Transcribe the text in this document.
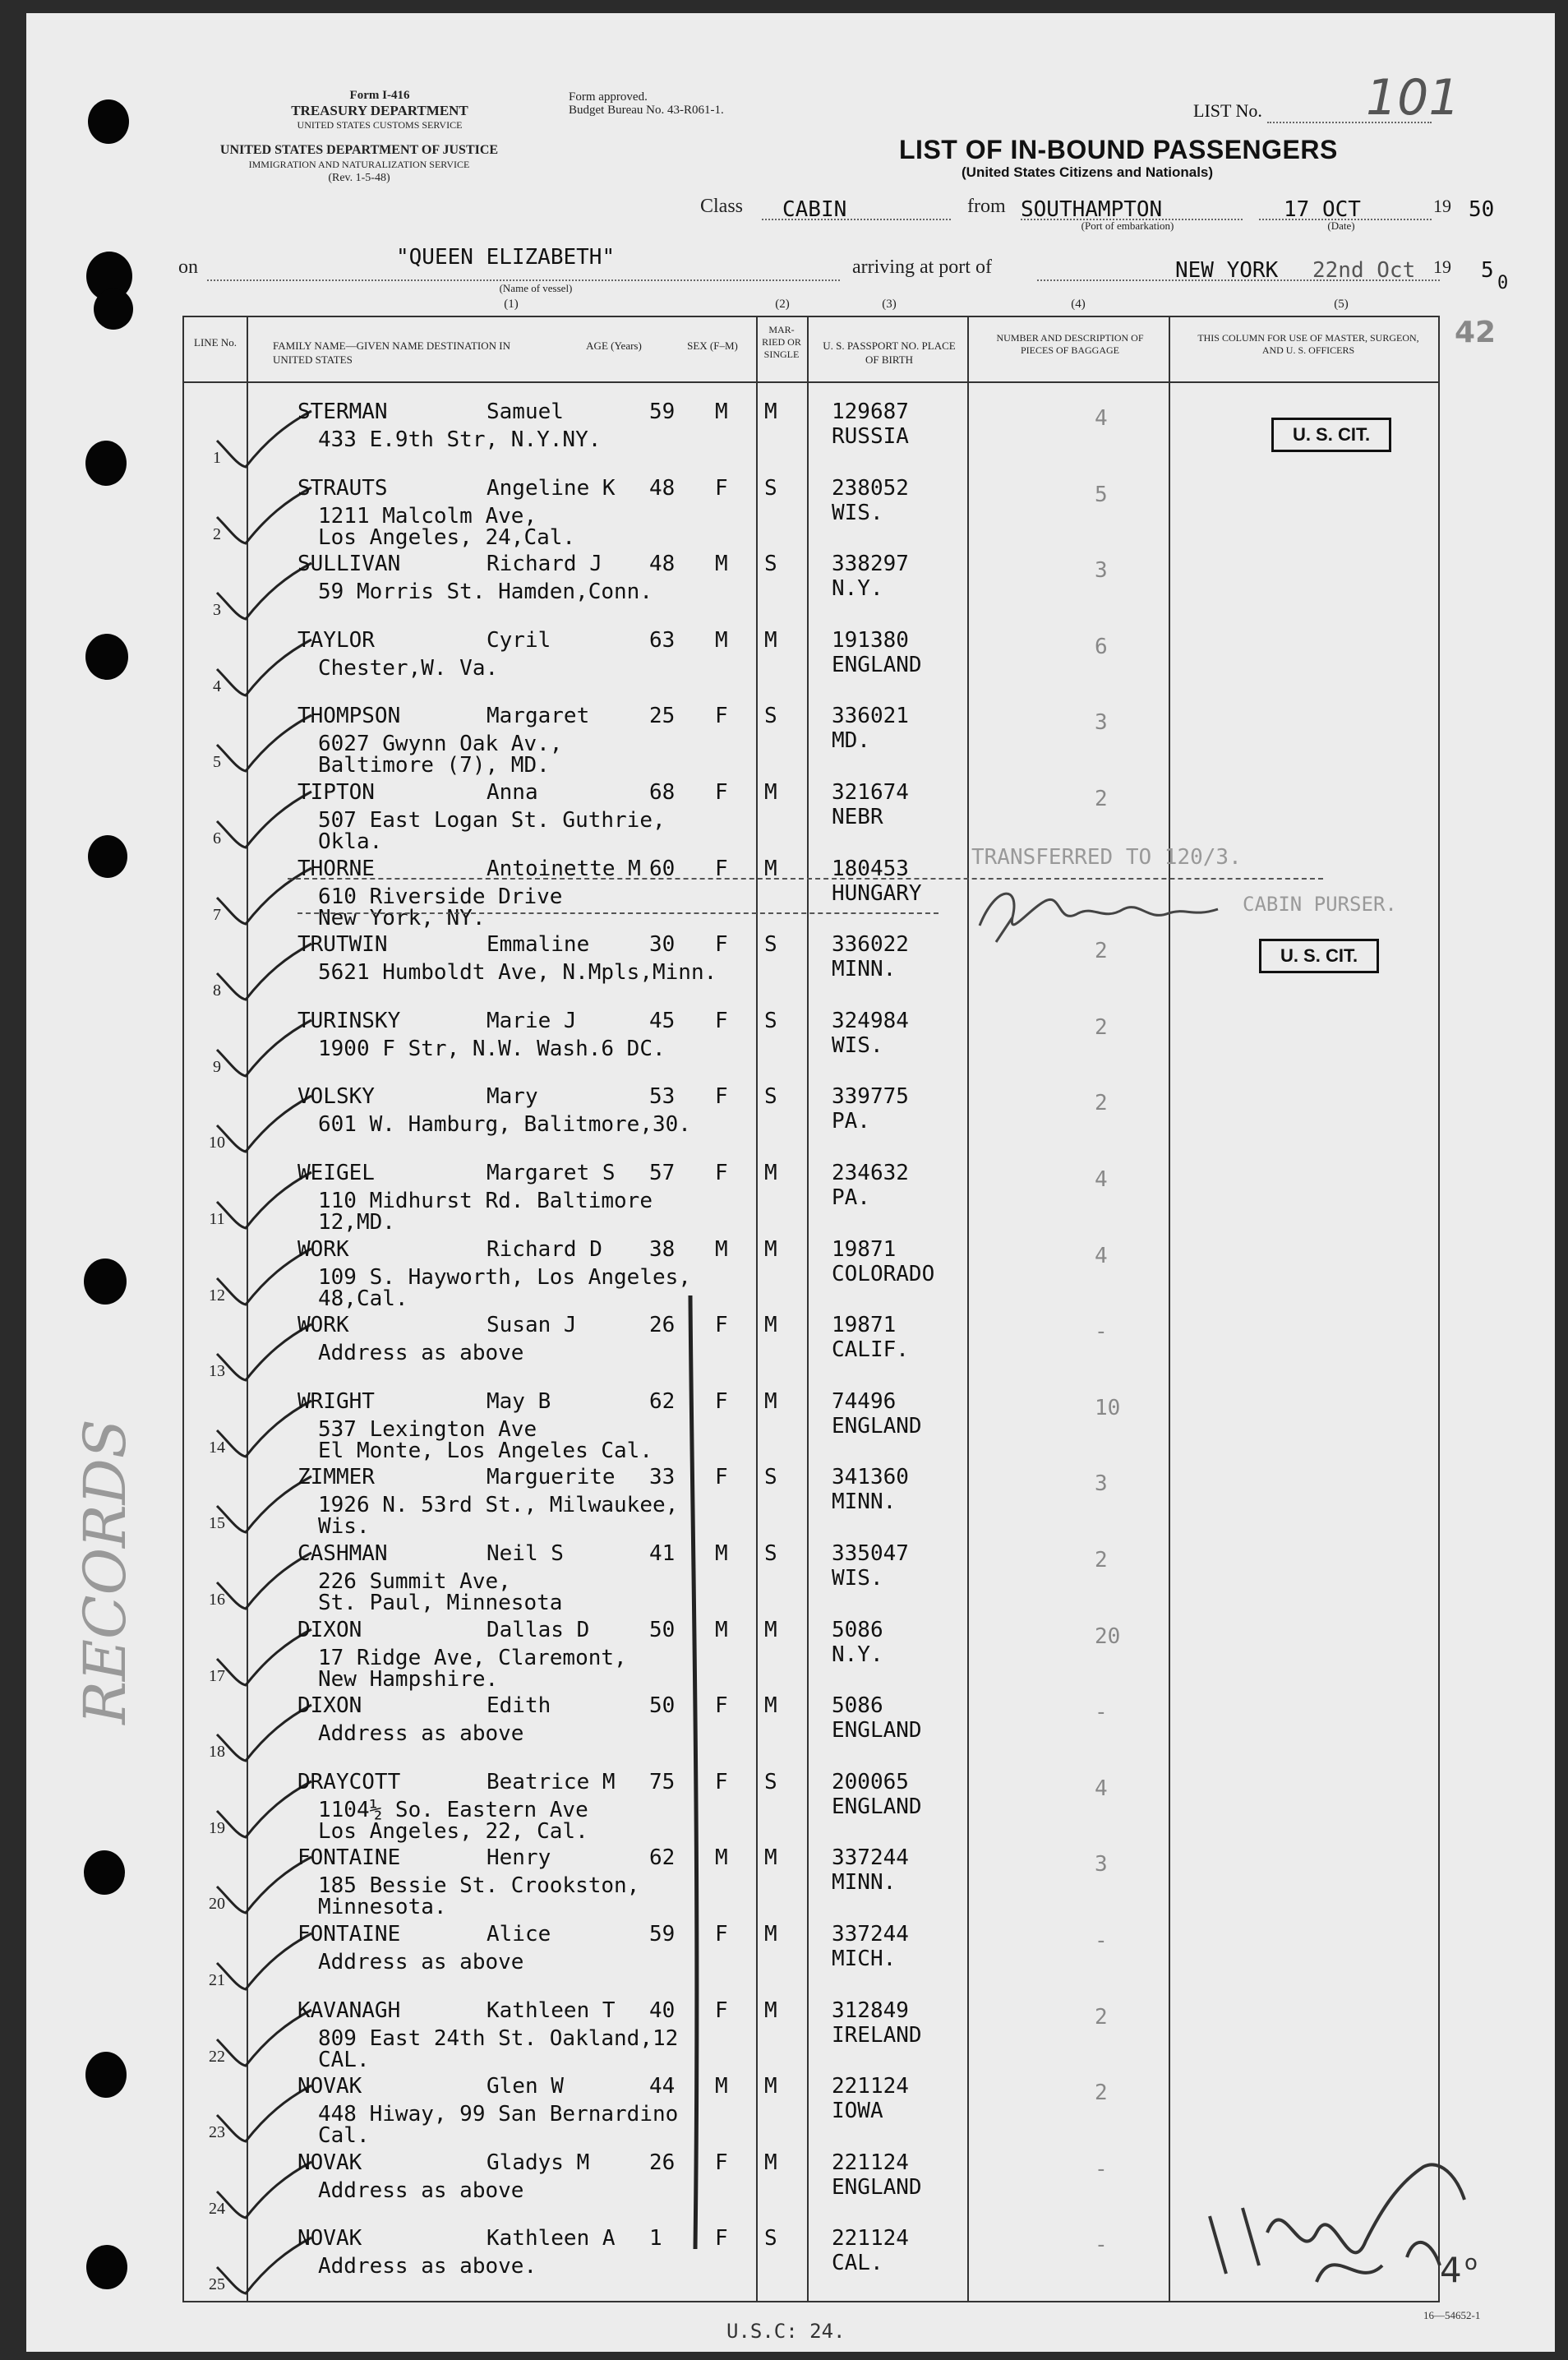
Form I-416
TREASURY DEPARTMENT
UNITED STATES CUSTOMS SERVICE
Form approved.
Budget Bureau No. 43-R061-1.
UNITED STATES DEPARTMENT OF JUSTICE
IMMIGRATION AND NATURALIZATION SERVICE
(Rev. 1-5-48)
LIST No. 101
LIST OF IN-BOUND PASSENGERS
(United States Citizens and Nationals)
Class CABIN	from SOUTHAMPTON
(Port of embarkation)
17 OCT
(Date)
19 50
on	"QUEEN ELIZABETH"
(Name of vessel)
arriving at port of	NEW YORK 22nd Oct 19 5
0
(1)	(2)	(3)	(4)	(5)
42
LINE No.	FAMILY NAME—GIVEN NAME DESTINATION IN UNITED STATES
AGE (Years)	SEX (F–M)
MAR-RIED OR SINGLE
U. S. PASSPORT NO. PLACE OF BIRTH
NUMBER AND DESCRIPTION OF PIECES OF BAGGAGE
THIS COLUMN FOR USE OF MASTER, SURGEON, AND U. S. OFFICERS
1
STERMAN	Samuel	59 M M	129687
RUSSIA
433 E.9th Str, N.Y.NY.
4
2
STRAUTS	Angeline K 48 F S	238052
WIS.
1211 Malcolm Ave,
Los Angeles, 24,Cal.
5
3
SULLIVAN	Richard J 48 M S	338297
N.Y.
59 Morris St. Hamden,Conn.
3
4
TAYLOR	Cyril	63 M M	191380
ENGLAND
Chester,W. Va.
6
5
THOMPSON	Margaret	25 F S	336021
MD.
6027 Gwynn Oak Av.,
Baltimore (7), MD.
3
6
TIPTON	Anna	68 F M	321674
NEBR
507 East Logan St. Guthrie,
Okla.
2
7
THORNE	Antoinette M 60 F M	180453
HUNGARY
610 Riverside Drive
New York, NY.
8
TRUTWIN	Emmaline	30 F S	336022
MINN.
5621 Humboldt Ave, N.Mpls,Minn.
2
9
TURINSKY	Marie J	45 F S	324984
WIS.
1900 F Str, N.W. Wash.6 DC.
2
10
VOLSKY	Mary	53 F S	339775
PA.
601 W. Hamburg, Balitmore,30.
2
11
WEIGEL	Margaret S 57 F M	234632
PA.
110 Midhurst Rd. Baltimore
12,MD.
4
12
WORK	Richard D 38 M M	19871
COLORADO
109 S. Hayworth, Los Angeles,
48,Cal.
4
13
WORK	Susan J	26 F M	19871
CALIF.
Address as above
-
14
WRIGHT	May B	62 F M	74496
ENGLAND
537 Lexington Ave
El Monte, Los Angeles Cal.
10
15
ZIMMER	Marguerite 33 F S	341360
MINN.
1926 N. 53rd St., Milwaukee,
Wis.
3
16
CASHMAN	Neil S	41 M S	335047
WIS.
226 Summit Ave,
St. Paul, Minnesota
2
17
DIXON	Dallas D	50 M M	5086
N.Y.
17 Ridge Ave, Claremont,
New Hampshire.
20
18
DIXON	Edith	50 F M	5086
ENGLAND
Address as above
-
19
DRAYCOTT	Beatrice M 75 F S	200065
ENGLAND
1104½ So. Eastern Ave
Los Angeles, 22, Cal.
4
20
FONTAINE	Henry	62 M M	337244
MINN.
185 Bessie St. Crookston,
Minnesota.
3
21
FONTAINE	Alice	59 F M	337244
MICH.
Address as above
-
22
KAVANAGH	Kathleen T 40 F M	312849
IRELAND
809 East 24th St. Oakland,12
CAL.
2
23
NOVAK	Glen W	44 M M	221124
IOWA
448 Hiway, 99 San Bernardino
Cal.
2
24
NOVAK	Gladys M	26 F M	221124
ENGLAND
Address as above
-
25
NOVAK	Kathleen A 1 F S	221124
CAL.
Address as above.
-
U. S. CIT.
U. S. CIT.
TRANSFERRED TO 120/3.
CABIN PURSER.
RECORDS
4 o
U.S.C: 24.
16—54652-1
